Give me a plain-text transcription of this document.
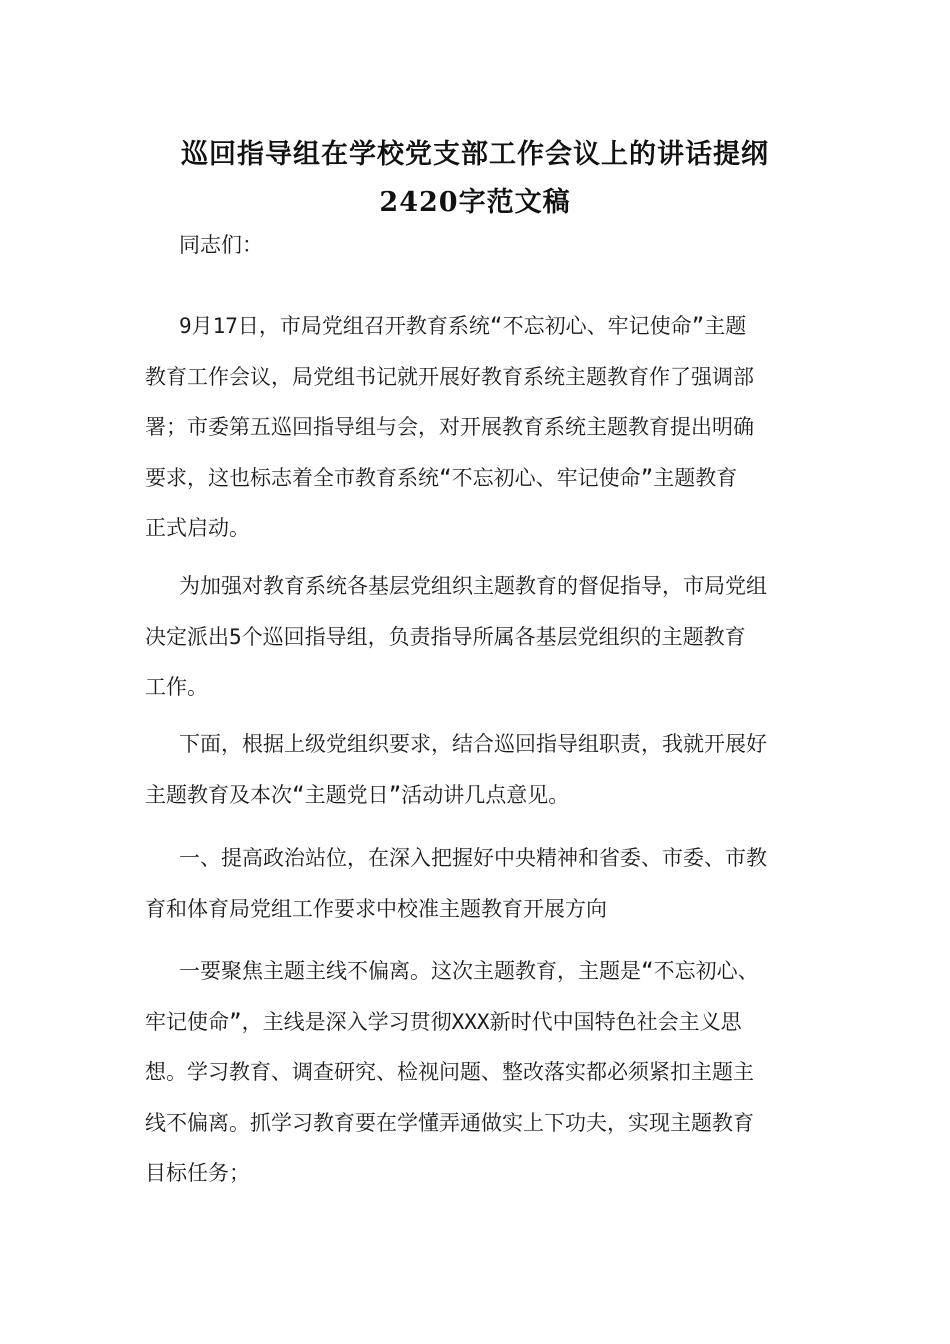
巡回指导组在学校党支部工作会议上的讲话提纲
2420字范文稿

同志们：

9月17日，市局党组召开教育系统“不忘初心、牢记使命”主题
教育工作会议，局党组书记就开展好教育系统主题教育作了强调部
署；市委第五巡回指导组与会，对开展教育系统主题教育提出明确
要求，这也标志着全市教育系统“不忘初心、牢记使命”主题教育
正式启动。

为加强对教育系统各基层党组织主题教育的督促指导，市局党组
决定派出5个巡回指导组，负责指导所属各基层党组织的主题教育
工作。

下面，根据上级党组织要求，结合巡回指导组职责，我就开展好
主题教育及本次“主题党日”活动讲几点意见。

一、提高政治站位，在深入把握好中央精神和省委、市委、市教
育和体育局党组工作要求中校准主题教育开展方向

一要聚焦主题主线不偏离。这次主题教育，主题是“不忘初心、
牢记使命”，主线是深入学习贯彻XXX新时代中国特色社会主义思
想。学习教育、调查研究、检视问题、整改落实都必须紧扣主题主
线不偏离。抓学习教育要在学懂弄通做实上下功夫，实现主题教育
目标任务；
